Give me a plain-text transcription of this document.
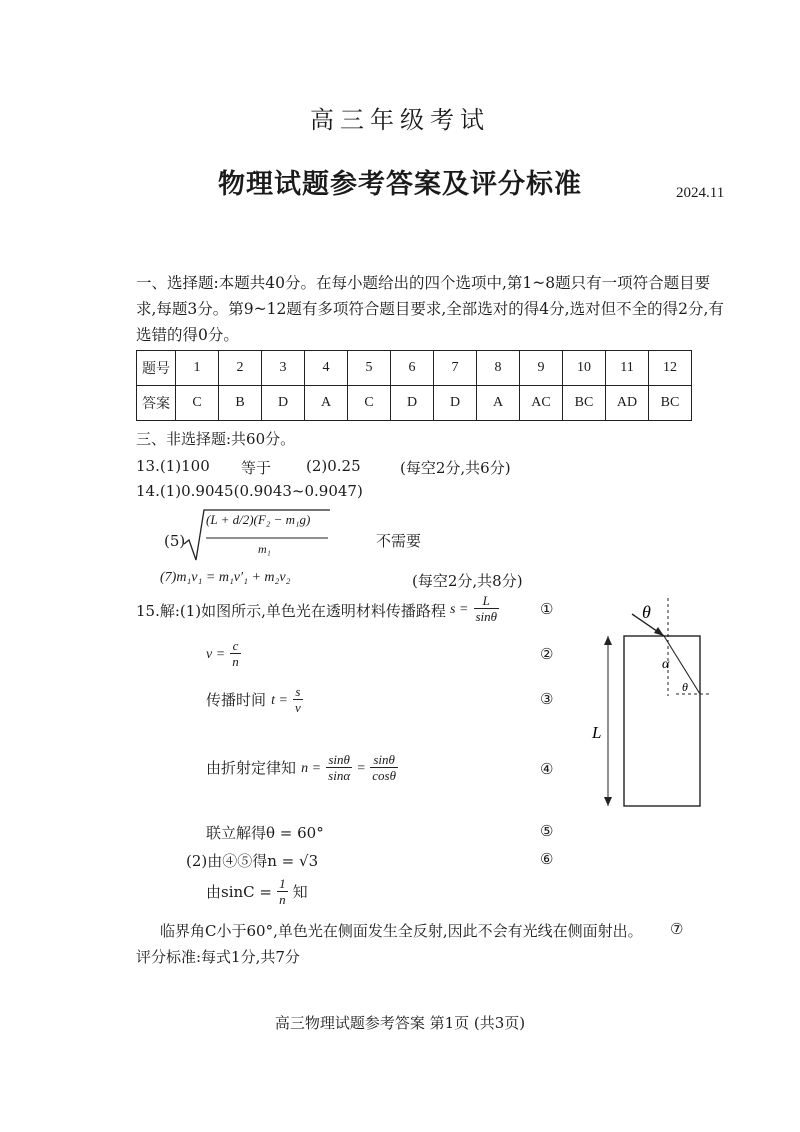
高三年级考试
物理试题参考答案及评分标准	2024.11
一、选择题:本题共40分。在每小题给出的四个选项中,第1~8题只有一项符合题目要求,每题3分。第9~12题有多项符合题目要求,全部选对的得4分,选对但不全的得2分,有选错的得0分。
题号	1	2	3	4	5	6	7	8	9	10	11	12
答案	C	B	D	A	C	D	D	A	AC	BC	AD	BC
三、非选择题:共60分。
13.(1)100 等于 (2)0.25	(每空2分,共6分)
14.(1)0.9045(0.9043~0.9047)
(5)
(L + d/2)(F₂ − m₁g)
m₁	不需要
(7)m₁v₁ = m₁v′₁ + m₂v₂	(每空2分,共8分)
15.解:(1)如图所示,单色光在透明材料传播路程 $s = \frac{L}{\sin\theta}$	①
$v = \frac{c}{n}$	②
传播时间 $t = \frac{s}{v}$	③
由折射定律知 $n = \frac{\sin\theta}{\sin\alpha} = \frac{\sin\theta}{\cos\theta}$	④
联立解得θ = 60°	⑤
(2)由④⑤得n = √3	⑥
由$\sin C = \frac{1}{n}$ 知
临界角C小于60°,单色光在侧面发生全反射,因此不会有光线在侧面射出。 ⑦
评分标准:每式1分,共7分
θ
α
θ
L
高三物理试题参考答案 第1页 (共3页)
